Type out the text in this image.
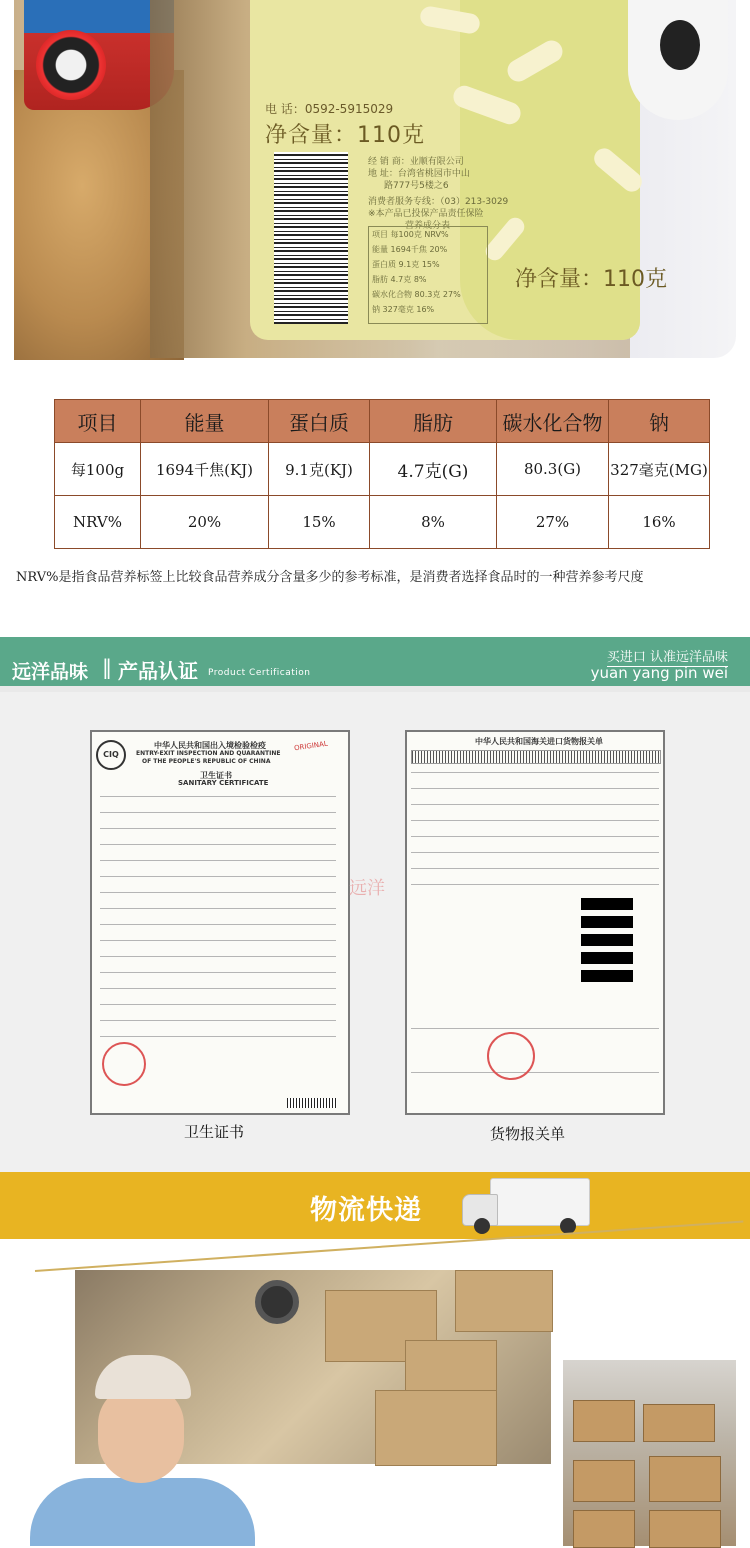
电 话：0592-5915029
净含量：110克
净含量：110克
经 销 商：业顺有限公司
地 址：台湾省桃园市中山
路777号5楼之6
消费者服务专线：（03）213-3029
※本产品已投保产品责任保险
营养成分表
项目 每100克 NRV%
能量 1694千焦 20%
蛋白质 9.1克 15%
脂肪 4.7克 8%
碳水化合物 80.3克 27%
钠 327毫克 16%
项目	能量	蛋白质	脂肪	碳水化合物	钠
每100g	1694千焦(KJ)	9.1克(KJ)	4.7克(G)	80.3(G)	327毫克(MG)
NRV%	20%	15%	8%	27%	16%
NRV%是指食品营养标签上比较食品营养成分含量多少的参考标准，是消费者选择食品时的一种营养参考尺度
远洋品味 ‖ 产品认证 Product Certification
买进口 认准远洋品味
yuan yang pin wei
CIQ
中华人民共和国出入境检验检疫
ENTRY-EXIT INSPECTION AND QUARANTINE
OF THE PEOPLE'S REPUBLIC OF CHINA
ORIGINAL
卫生证书
SANITARY CERTIFICATE
卫生证书
中华人民共和国海关进口货物报关单
远洋
货物报关单
物流快递
